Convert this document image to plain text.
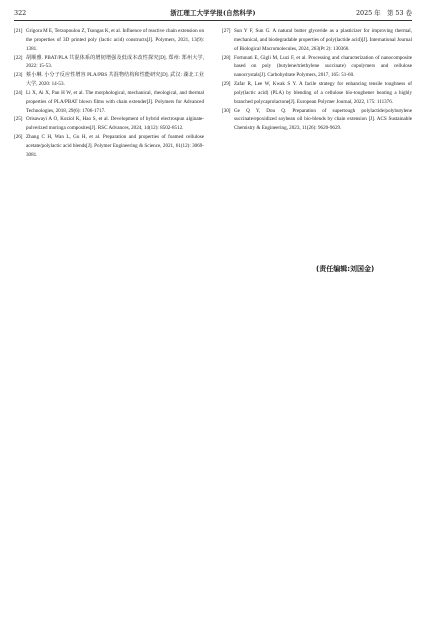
322	浙江理工大学学报(自然科学)	2025 年　第 53 卷
[21] Grigora M E, Terzopoulou Z, Tsongas K, et al. Influence of reactive chain extension on the properties of 3D printed poly (lactic acid) constructs[J]. Polymers, 2021, 13(9): 1381.
[22] 胡顺雅. PBAT/PLA 共混体系的增韧增强及低成本改性探究[D]. 郑州: 郑州大学, 2022: 15-53.
[23] 蔡小琳. 小分子反应性增容 PLA/PBS 共混物结构和性能研究[D]. 武汉: 湖北工业大学, 2020: 14-53.
[24] Li X, Ai X, Pan H W, et al. The morphological, mechanical, rheological, and thermal properties of PLA/PBAT blown films with chain extender[J]. Polymers for Advanced Technologies, 2018, 29(6): 1706-1717.
[25] Orisawayi A O, Koziol K, Hao S, et al. Development of hybrid electrospun alginate-pulverized moringa composites[J]. RSC Advances, 2024, 14(12): 8502-8512.
[26] Zhang C H, Wan L, Gu H, et al. Preparation and properties of foamed cellulose acetate/polylactic acid blends[J]. Polymer Engineering & Science, 2021, 61(12): 3069-3081.
[27] Sun Y F, Sun G. A natural butter glyceride as a plasticizer for improving thermal, mechanical, and biodegradable properties of poly(lactide acid)[J]. International Journal of Biological Macromolecules, 2024, 263(Pt 2): 130366.
[28] Fortunati E, Gigli M, Luzi F, et al. Processing and characterization of nanocomposite based on poly (butylene/triethylene succinate) copolymers and cellulose nanocrystals[J]. Carbohydrate Polymers, 2017, 165: 51-60.
[29] Zafar R, Lee W, Kwak S Y. A facile strategy for enhancing tensile toughness of poly(lactic acid) (PLA) by blending of a cellulose bio-toughener bearing a highly branched polycaprolactone[J]. European Polymer Journal, 2022, 175: 111376.
[30] Ge Q Y, Dou Q. Preparation of supertough polylactide/polybutylene succinate/epoxidized soybean oil bio-blends by chain extension [J]. ACS Sustainable Chemistry & Engineering, 2023, 11(26): 9620-9629.
(责任编辑:刘国金)
